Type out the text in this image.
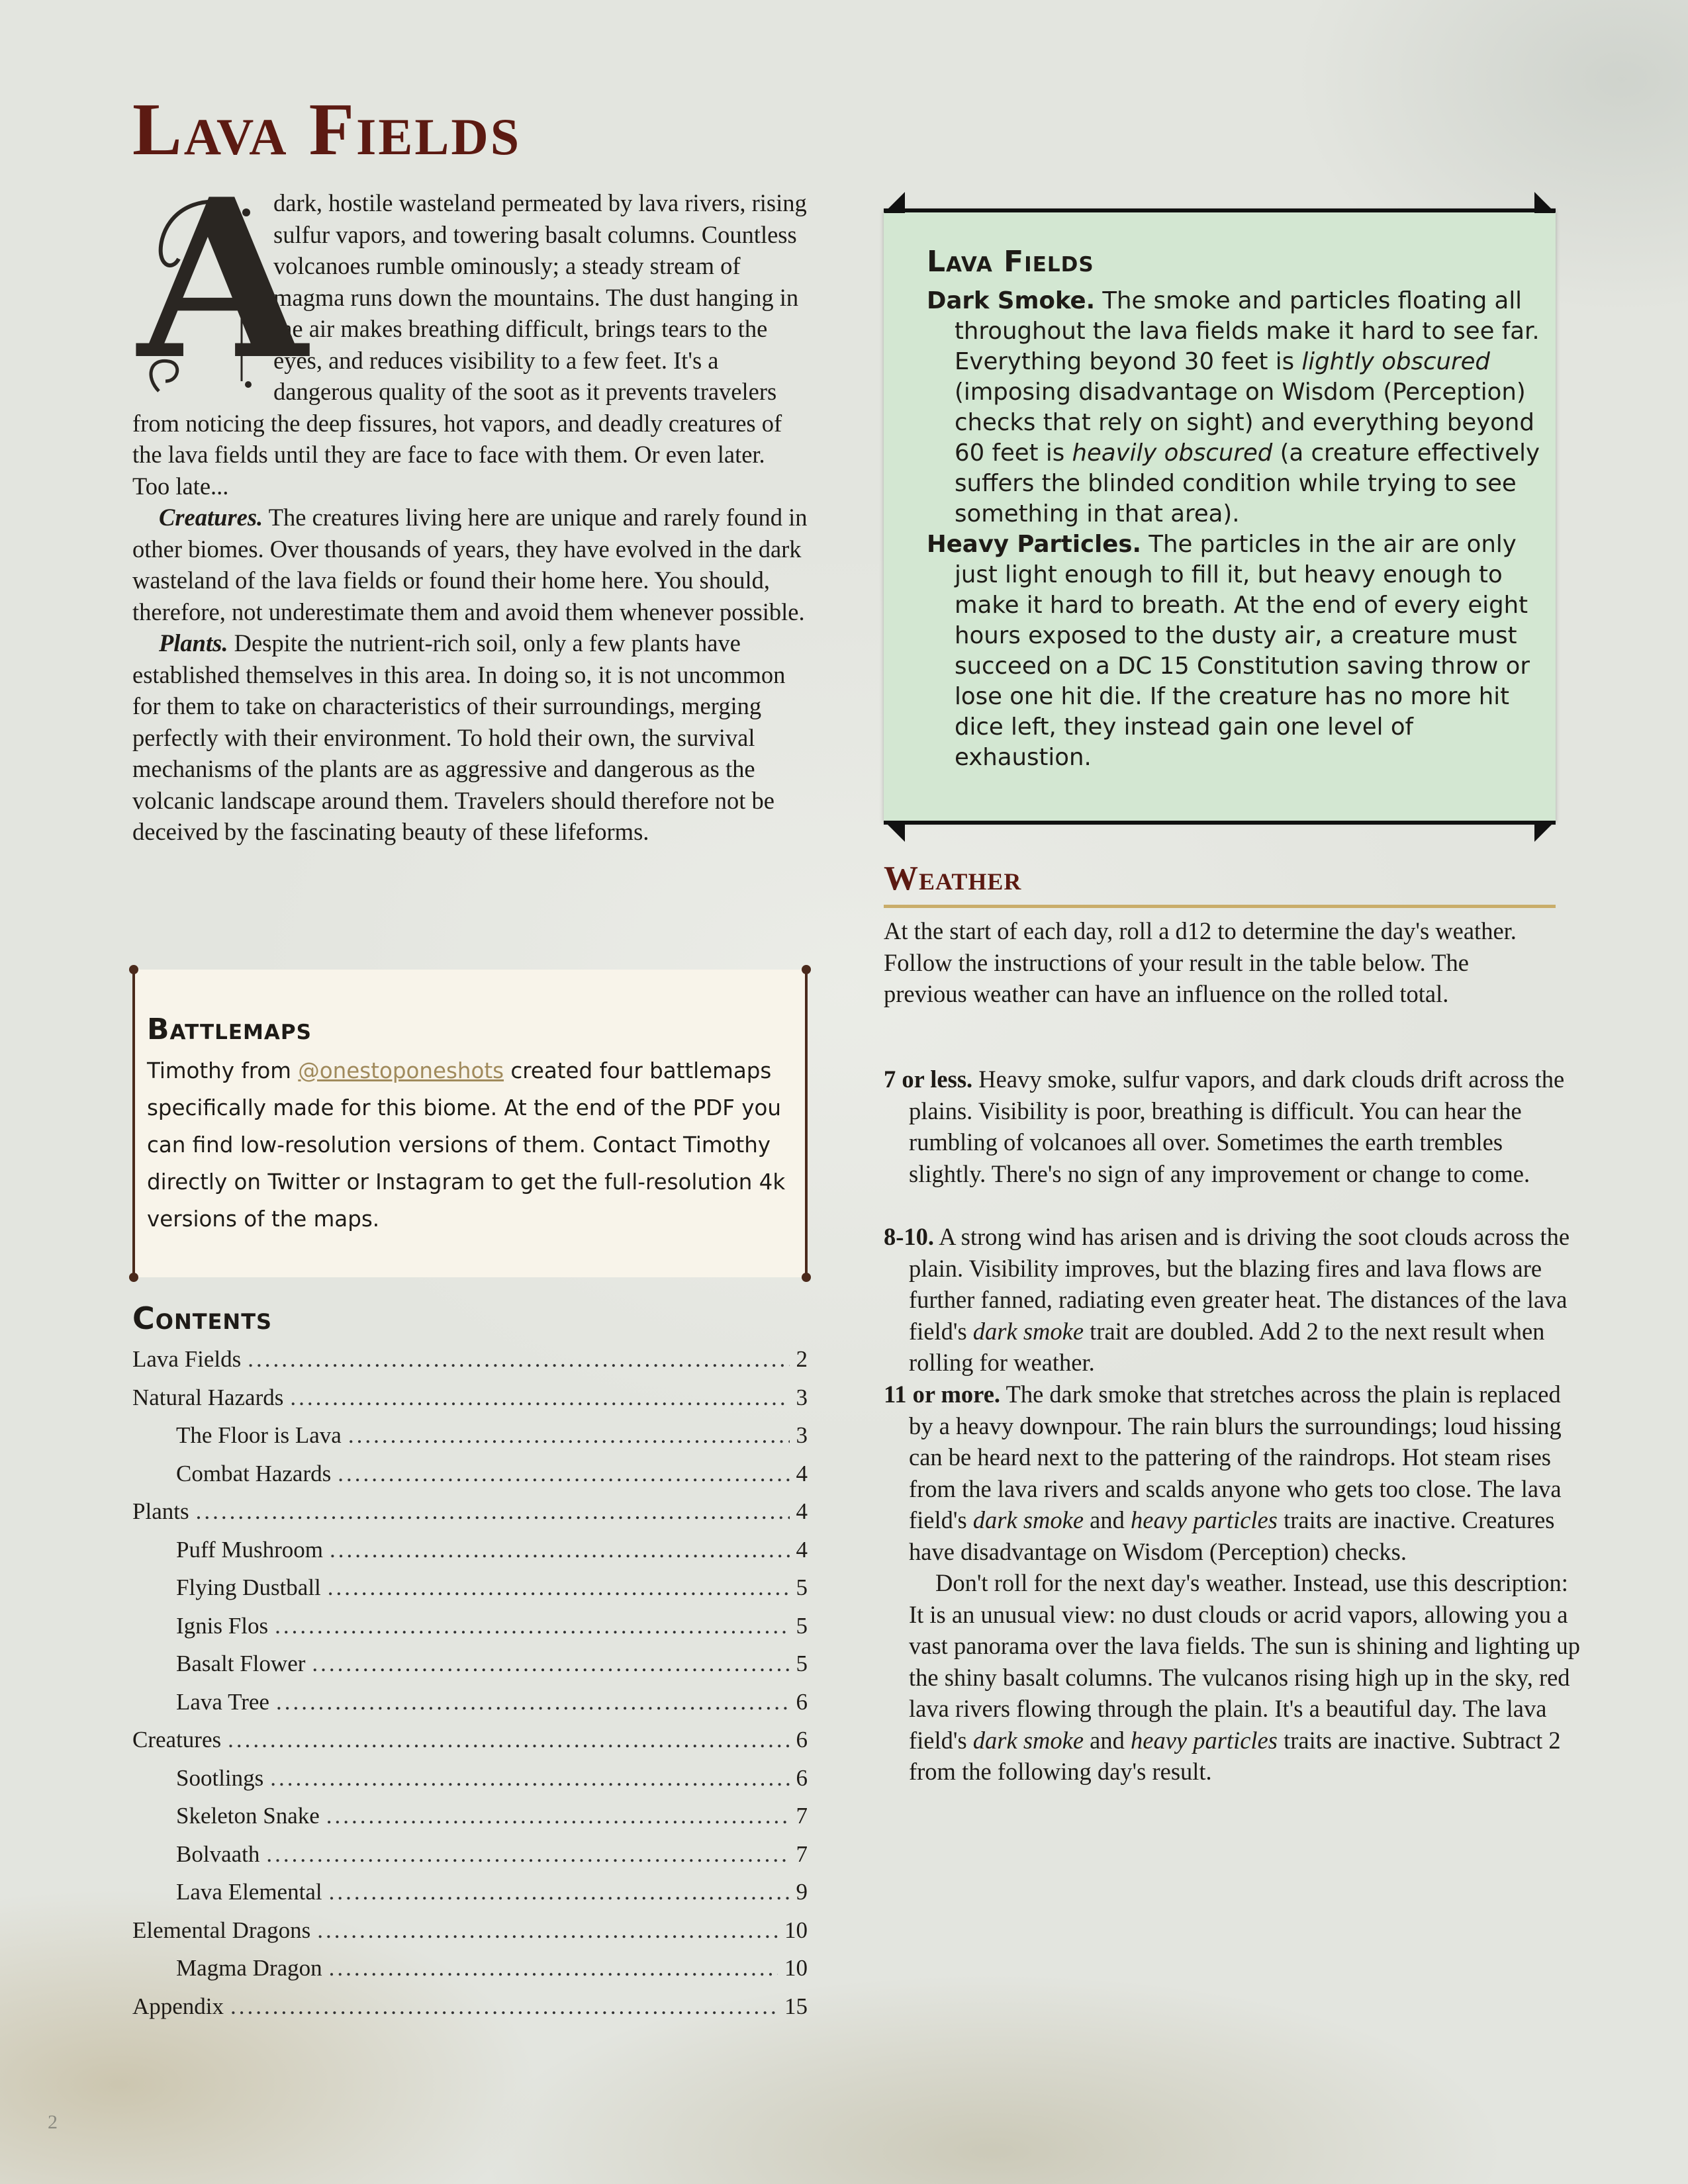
Lava Fields
A

dark, hostile wasteland permeated by lava rivers, rising sulfur vapors, and towering basalt columns. Countless volcanoes rumble ominously; a steady stream of magma runs down the mountains. The dust hanging in the air makes breathing difficult, brings tears to the eyes, and reduces visibility to a few feet. It's a dangerous quality of the soot as it prevents travelers from noticing the deep fissures, hot vapors, and deadly creatures of the lava fields until they are face to face with them. Or even later. Too late...

Creatures. The creatures living here are unique and rarely found in other biomes. Over thousands of years, they have evolved in the dark wasteland of the lava fields or found their home here. You should, therefore, not underestimate them and avoid them whenever possible.

Plants. Despite the nutrient-rich soil, only a few plants have established themselves in this area. In doing so, it is not uncommon for them to take on characteristics of their surroundings, merging perfectly with their environment. To hold their own, the survival mechanisms of the plants are as aggressive and dangerous as the volcanic landscape around them. Travelers should therefore not be deceived by the fascinating beauty of these lifeforms.

Battlemaps

Timothy from @onestoponeshots created four battlemaps specifically made for this biome. At the end of the PDF you can find low-resolution versions of them. Contact Timothy directly on Twitter or Instagram to get the full-resolution 4k versions of the maps.

Contents
Lava Fields .....	2
Natural Hazards .....	3
The Floor is Lava .....	3
Combat Hazards .....	4
Plants .....	4
Puff Mushroom .....	4
Flying Dustball .....	5
Ignis Flos .....	5
Basalt Flower .....	5
Lava Tree .....	6
Creatures .....	6
Sootlings .....	6
Skeleton Snake .....	7
Bolvaath .....	7
Lava Elemental .....	9
Elemental Dragons .....	10
Magma Dragon .....	10
Appendix .....	15
Lava Fields

Dark Smoke. The smoke and particles floating all throughout the lava fields make it hard to see far. Everything beyond 30 feet is lightly obscured (imposing disadvantage on Wisdom (Perception) checks that rely on sight) and everything beyond 60 feet is heavily obscured (a creature effectively suffers the blinded condition while trying to see something in that area).

Heavy Particles. The particles in the air are only just light enough to fill it, but heavy enough to make it hard to breath. At the end of every eight hours exposed to the dusty air, a creature must succeed on a DC 15 Constitution saving throw or lose one hit die. If the creature has no more hit dice left, they instead gain one level of exhaustion.

Weather

At the start of each day, roll a d12 to determine the day's weather. Follow the instructions of your result in the table below. The previous weather can have an influence on the rolled total.

7 or less. Heavy smoke, sulfur vapors, and dark clouds drift across the plains. Visibility is poor, breathing is difficult. You can hear the rumbling of volcanoes all over. Sometimes the earth trembles slightly. There's no sign of any improvement or change to come.

8-10. A strong wind has arisen and is driving the soot clouds across the plain. Visibility improves, but the blazing fires and lava flows are further fanned, radiating even greater heat. The distances of the lava field's dark smoke trait are doubled. Add 2 to the next result when rolling for weather.

11 or more. The dark smoke that stretches across the plain is replaced by a heavy downpour. The rain blurs the surroundings; loud hissing can be heard next to the pattering of the raindrops. Hot steam rises from the lava rivers and scalds anyone who gets too close. The lava field's dark smoke and heavy particles traits are inactive. Creatures have disadvantage on Wisdom (Perception) checks.
Don't roll for the next day's weather. Instead, use this description: It is an unusual view: no dust clouds or acrid vapors, allowing you a vast panorama over the lava fields. The sun is shining and lighting up the shiny basalt columns. The vulcanos rising high up in the sky, red lava rivers flowing through the plain. It's a beautiful day. The lava field's dark smoke and heavy particles traits are inactive. Subtract 2 from the following day's result.

2
